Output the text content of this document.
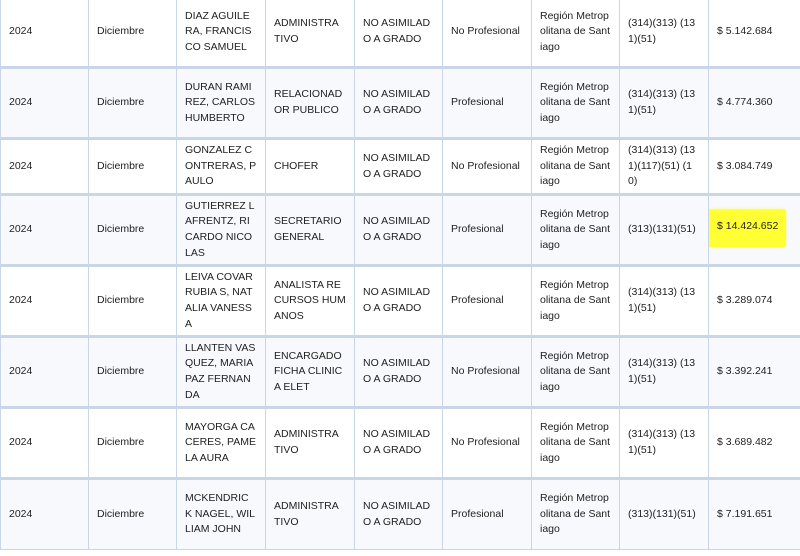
2024	Diciembre	DIAZ AGUILERA, FRANCISCO SAMUEL	ADMINISTRA TIVO	NO ASIMILADO A GRADO	No Profesional	Región Metropolitana de Santiago	(314)(313) (131)(51)	$ 5.142.684
2024	Diciembre	DURAN RAMIREZ, CARLOS HUMBERTO	RELACIONAD OR PUBLICO	NO ASIMILADO A GRADO	Profesional	Región Metropolitana de Santiago	(314)(313) (131)(51)	$ 4.774.360
2024	Diciembre	GONZALEZ CONTRERAS, PAULO	CHOFER	NO ASIMILADO A GRADO	No Profesional	Región Metropolitana de Santiago	(314)(313) (131)(117)(51) (10)	$ 3.084.749
2024	Diciembre	GUTIERREZ LAFRENTZ, RICARDO NICOLAS	SECRETARIO GENERAL	NO ASIMILADO A GRADO	Profesional	Región Metropolitana de Santiago	(313)(131)(51)	$ 14.424.652
2024	Diciembre	LEIVA COVARRUBIA S, NATALIA VANESSA	ANALISTA RECURSOS HUMANOS	NO ASIMILADO A GRADO	Profesional	Región Metropolitana de Santiago	(314)(313) (131)(51)	$ 3.289.074
2024	Diciembre	LLANTEN VASQUEZ, MARIA PAZ FERNANDA	ENCARGADO FICHA CLINICA ELET	NO ASIMILADO A GRADO	No Profesional	Región Metropolitana de Santiago	(314)(313) (131)(51)	$ 3.392.241
2024	Diciembre	MAYORGA CACERES, PAMELA AURA	ADMINISTRA TIVO	NO ASIMILADO A GRADO	No Profesional	Región Metropolitana de Santiago	(314)(313) (131)(51)	$ 3.689.482
2024	Diciembre	MCKENDRIC K NAGEL, WILLIAM JOHN	ADMINISTRA TIVO	NO ASIMILADO A GRADO	Profesional	Región Metropolitana de Santiago	(313)(131)(51)	$ 7.191.651
